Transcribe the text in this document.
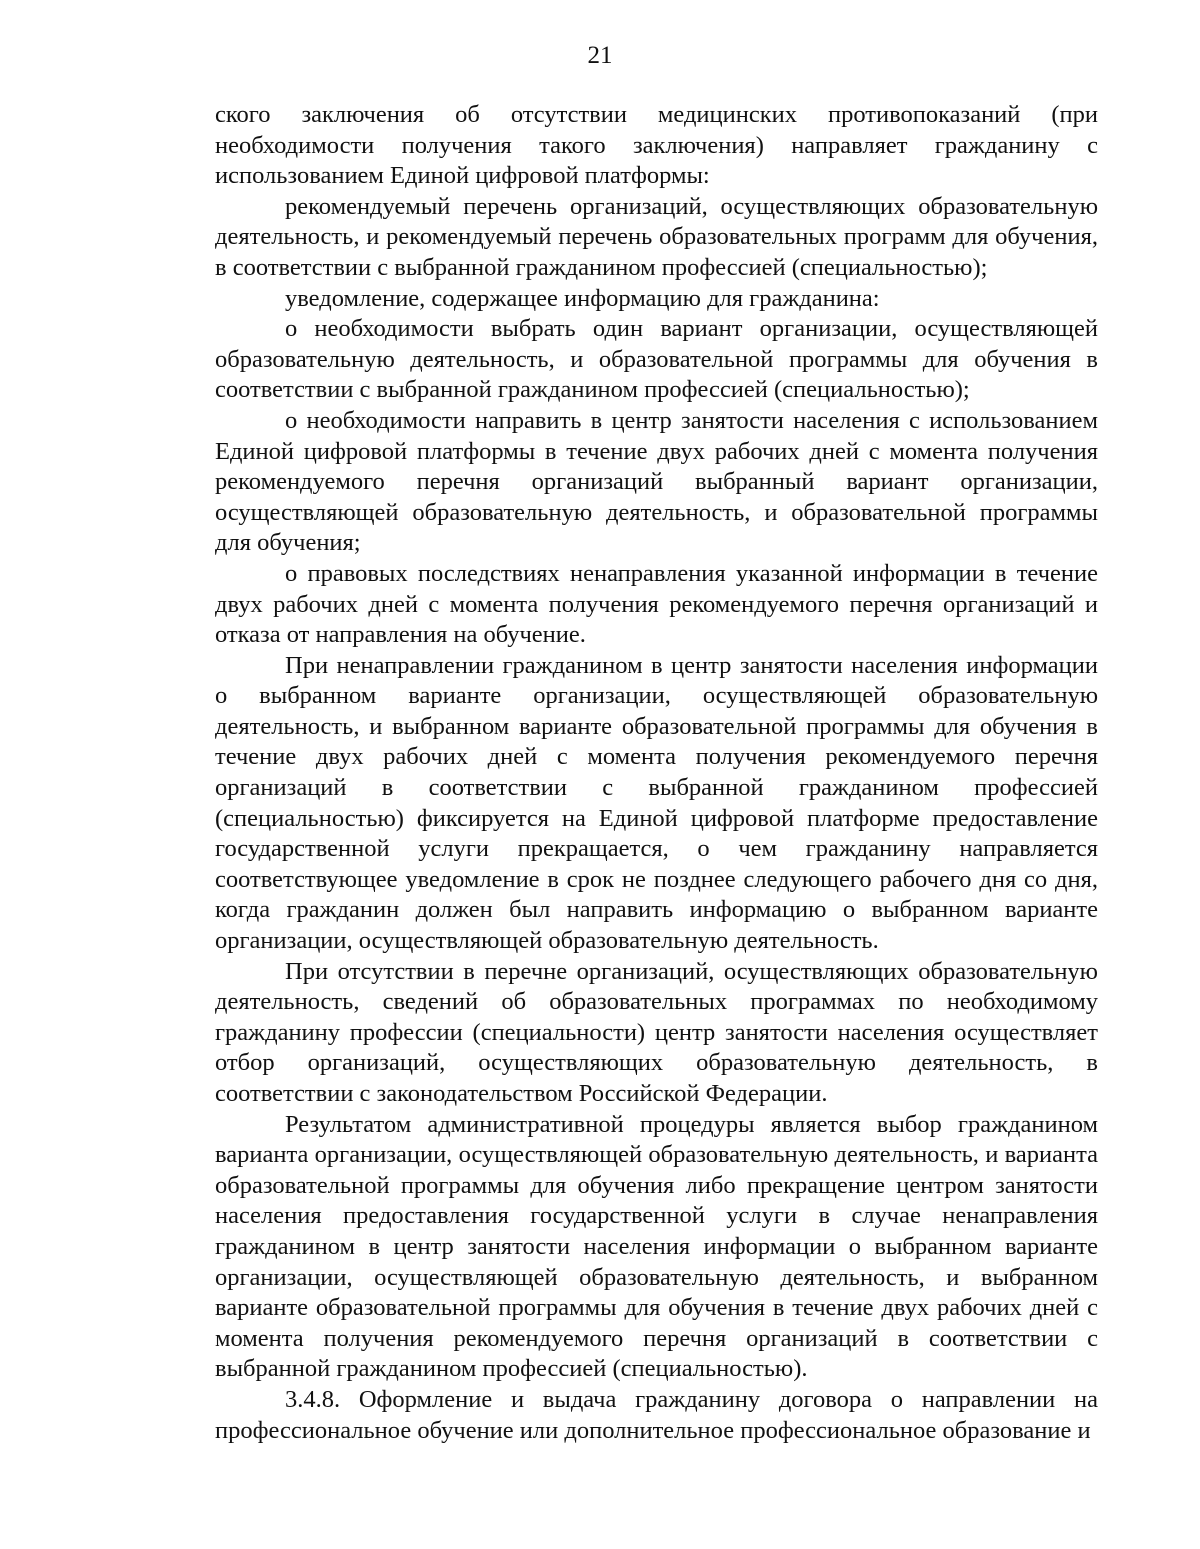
21

ского заключения об отсутствии медицинских противопоказаний (при необходимости получения такого заключения) направляет гражданину с использованием Единой цифровой платформы:

рекомендуемый перечень организаций, осуществляющих образовательную деятельность, и рекомендуемый перечень образовательных программ для обучения, в соответствии с выбранной гражданином профессией (специальностью);

уведомление, содержащее информацию для гражданина:

о необходимости выбрать один вариант организации, осуществляющей образовательную деятельность, и образовательной программы для обучения в соответствии с выбранной гражданином профессией (специальностью);

о необходимости направить в центр занятости населения с использованием Единой цифровой платформы в течение двух рабочих дней с момента получения рекомендуемого перечня организаций выбранный вариант организации, осуществляющей образовательную деятельность, и образовательной программы для обучения;

о правовых последствиях ненаправления указанной информации в течение двух рабочих дней с момента получения рекомендуемого перечня организаций и отказа от направления на обучение.

При ненаправлении гражданином в центр занятости населения информации о выбранном варианте организации, осуществляющей образовательную деятельность, и выбранном варианте образовательной программы для обучения в течение двух рабочих дней с момента получения рекомендуемого перечня организаций в соответствии с выбранной гражданином профессией (специальностью) фиксируется на Единой цифровой платформе предоставление государственной услуги прекращается, о чем гражданину направляется соответствующее уведомление в срок не позднее следующего рабочего дня со дня, когда гражданин должен был направить информацию о выбранном варианте организации, осуществляющей образовательную деятельность.

При отсутствии в перечне организаций, осуществляющих образовательную деятельность, сведений об образовательных программах по необходимому гражданину профессии (специальности) центр занятости населения осуществляет отбор организаций, осуществляющих образовательную деятельность, в соответствии с законодательством Российской Федерации.

Результатом административной процедуры является выбор гражданином варианта организации, осуществляющей образовательную деятельность, и варианта образовательной программы для обучения либо прекращение центром занятости населения предоставления государственной услуги в случае ненаправления гражданином в центр занятости населения информации о выбранном варианте организации, осуществляющей образовательную деятельность, и выбранном варианте образовательной программы для обучения в течение двух рабочих дней с момента получения рекомендуемого перечня организаций в соответствии с выбранной гражданином профессией (специальностью).

3.4.8. Оформление и выдача гражданину договора о направлении на профессиональное обучение или дополнительное профессиональное образование и
